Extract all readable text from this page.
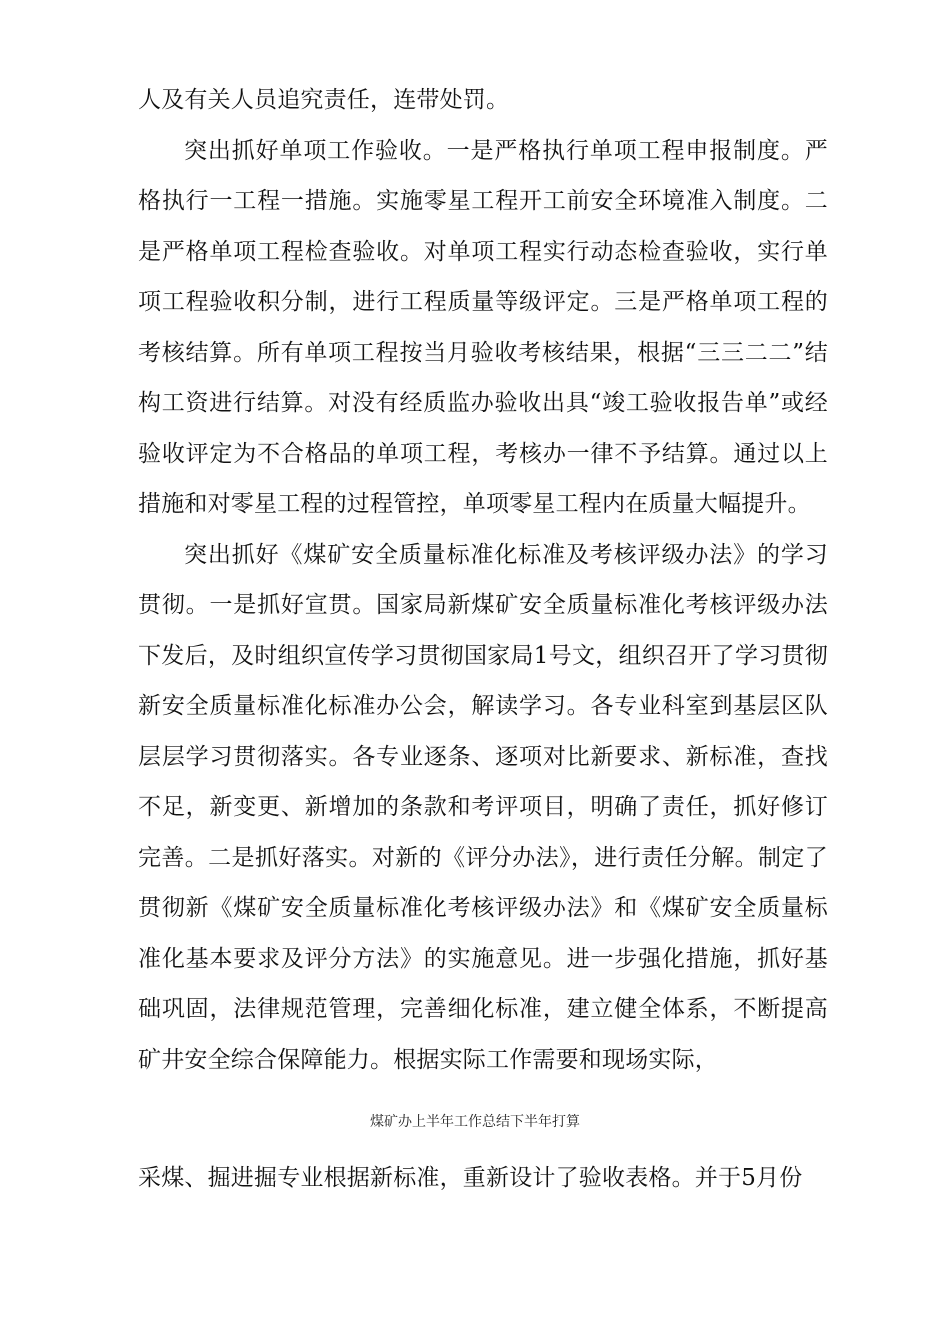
人及有关人员追究责任，连带处罚。

突出抓好单项工作验收。一是严格执行单项工程申报制度。严格执行一工程一措施。实施零星工程开工前安全环境准入制度。二是严格单项工程检查验收。对单项工程实行动态检查验收，实行单项工程验收积分制，进行工程质量等级评定。三是严格单项工程的考核结算。所有单项工程按当月验收考核结果，根据“三三二二”结构工资进行结算。对没有经质监办验收出具“竣工验收报告单”或经验收评定为不合格品的单项工程，考核办一律不予结算。通过以上措施和对零星工程的过程管控，单项零星工程内在质量大幅提升。

突出抓好《煤矿安全质量标准化标准及考核评级办法》的学习贯彻。一是抓好宣贯。国家局新煤矿安全质量标准化考核评级办法下发后，及时组织宣传学习贯彻国家局1号文，组织召开了学习贯彻新安全质量标准化标准办公会，解读学习。各专业科室到基层区队层层学习贯彻落实。各专业逐条、逐项对比新要求、新标准，查找不足，新变更、新增加的条款和考评项目，明确了责任，抓好修订完善。二是抓好落实。对新的《评分办法》，进行责任分解。制定了贯彻新《煤矿安全质量标准化考核评级办法》和《煤矿安全质量标准化基本要求及评分方法》的实施意见。进一步强化措施，抓好基础巩固，法律规范管理，完善细化标准，建立健全体系，不断提高矿井安全综合保障能力。根据实际工作需要和现场实际，

煤矿办上半年工作总结下半年打算

采煤、掘进掘专业根据新标准，重新设计了验收表格。并于5月份
